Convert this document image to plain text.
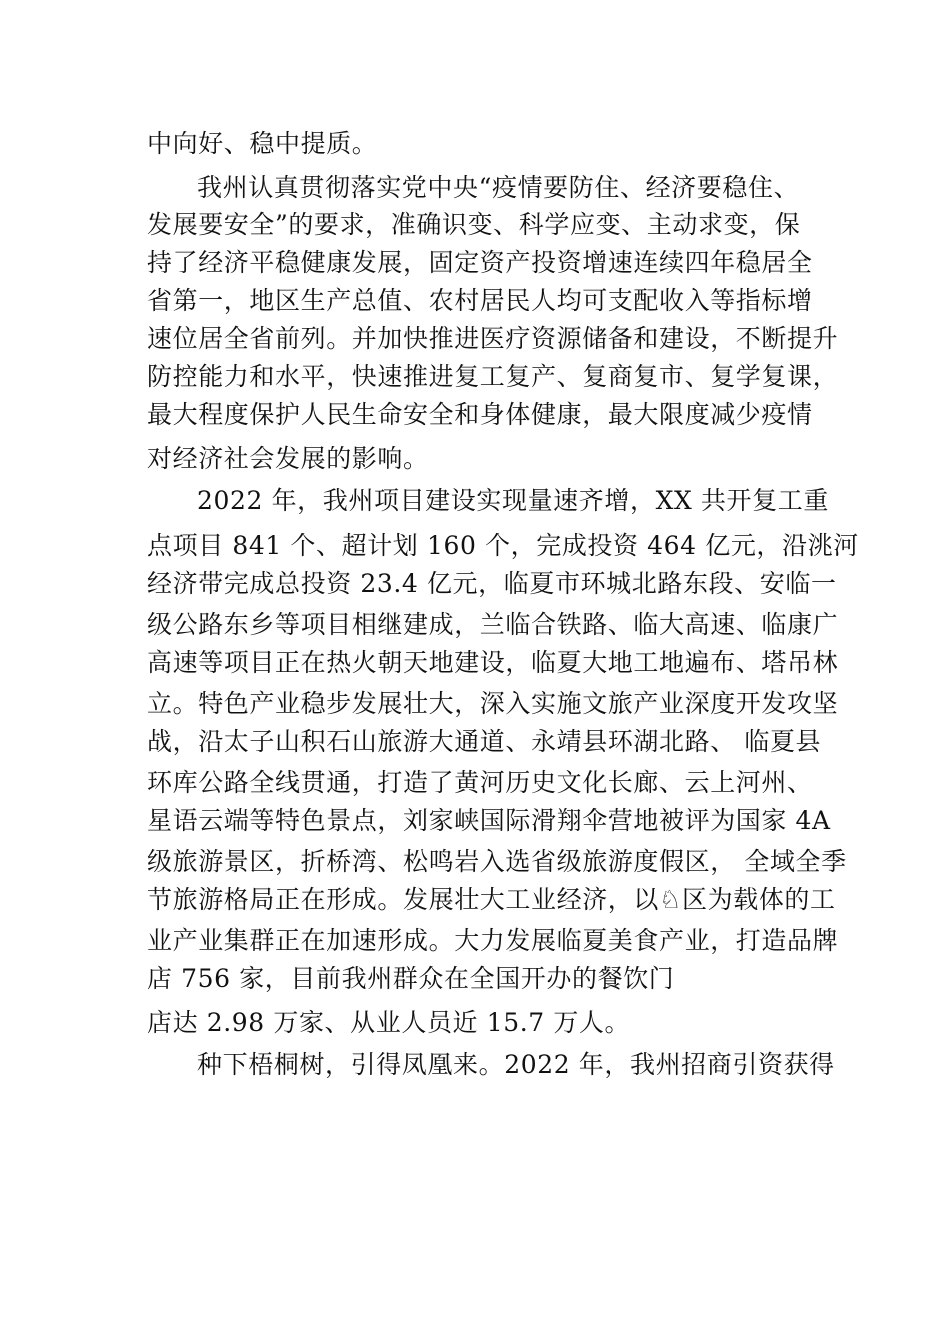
中向好、稳中提质。
我州认真贯彻落实党中央“疫情要防住、经济要稳住、
发展要安全”的要求，准确识变、科学应变、主动求变，保
持了经济平稳健康发展，固定资产投资增速连续四年稳居全
省第一，地区生产总值、农村居民人均可支配收入等指标增
速位居全省前列。并加快推进医疗资源储备和建设，不断提升
防控能力和水平，快速推进复工复产、复商复市、复学复课，
最大程度保护人民生命安全和身体健康，最大限度减少疫情
对经济社会发展的影响。
2022 年，我州项目建设实现量速齐增，XX 共开复工重
点项目 841 个、超计划 160 个，完成投资 464 亿元，沿洮河
经济带完成总投资 23.4 亿元，临夏市环城北路东段、安临一
级公路东乡等项目相继建成，兰临合铁路、临大高速、临康广
高速等项目正在热火朝天地建设，临夏大地工地遍布、塔吊林
立。特色产业稳步发展壮大，深入实施文旅产业深度开发攻坚
战，沿太子山积石山旅游大通道、永靖县环湖北路、 临夏县
环库公路全线贯通，打造了黄河历史文化长廊、云上河州、
星语云端等特色景点，刘家峡国际滑翔伞营地被评为国家 4A
级旅游景区，折桥湾、松鸣岩入选省级旅游度假区， 全域全季
节旅游格局正在形成。发展壮大工业经济，以♘区为载体的工
业产业集群正在加速形成。大力发展临夏美食产业，打造品牌
店 756 家，目前我州群众在全国开办的餐饮门
店达 2.98 万家、从业人员近 15.7 万人。
种下梧桐树，引得凤凰来。2022 年，我州招商引资获得
